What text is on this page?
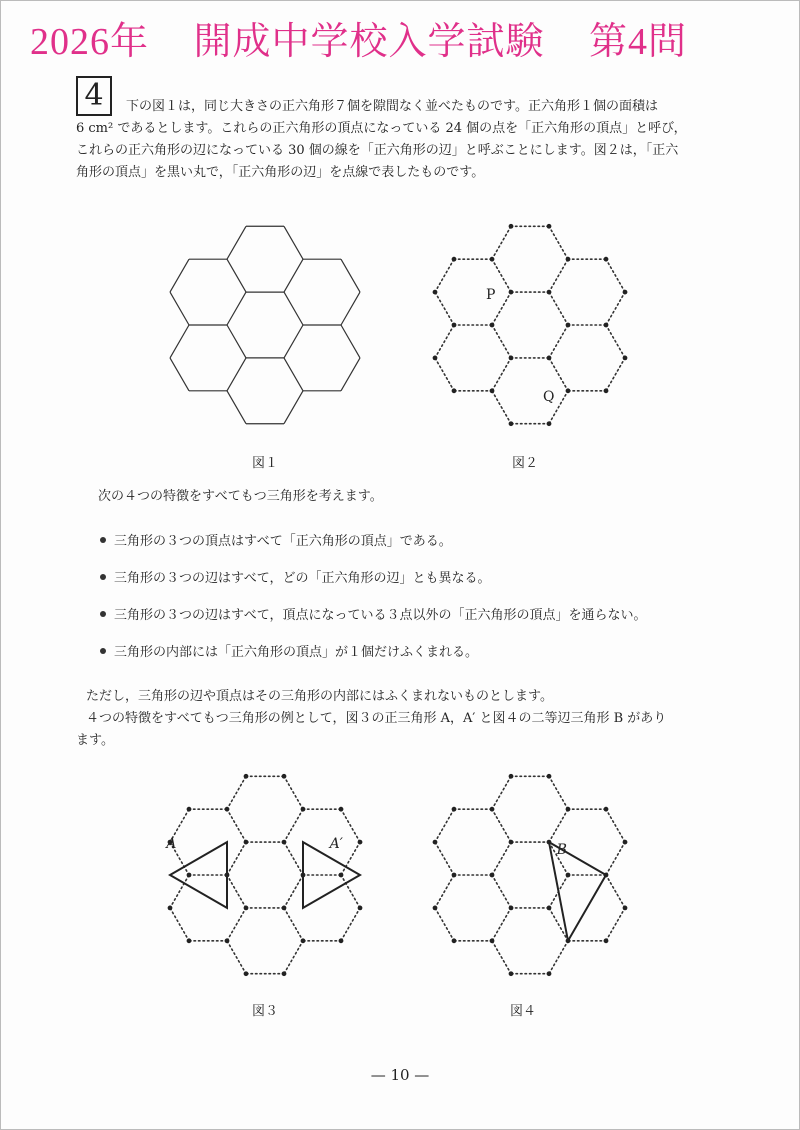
2026年 開成中学校入学試験 第4問
4	下の図１は，同じ大きさの正六角形７個を隙間なく並べたものです。正六角形１個の面積は
6 cm² であるとします。これらの正六角形の頂点になっている 24 個の点を「正六角形の頂点」と呼び，
これらの正六角形の辺になっている 30 個の線を「正六角形の辺」と呼ぶことにします。図２は，「正六
角形の頂点」を黒い丸で，「正六角形の辺」を点線で表したものです。
図１
P
Q
図２
次の４つの特徴をすべてもつ三角形を考えます。
三角形の３つの頂点はすべて「正六角形の頂点」である。
三角形の３つの辺はすべて，どの「正六角形の辺」とも異なる。
三角形の３つの辺はすべて，頂点になっている３点以外の「正六角形の頂点」を通らない。
三角形の内部には「正六角形の頂点」が１個だけふくまれる。
ただし，三角形の辺や頂点はその三角形の内部にはふくまれないものとします。
４つの特徴をすべてもつ三角形の例として，図３の正三角形 A，A′ と図４の二等辺三角形 B があり
ます。
A	A′
図３
B
図４
— 10 —
